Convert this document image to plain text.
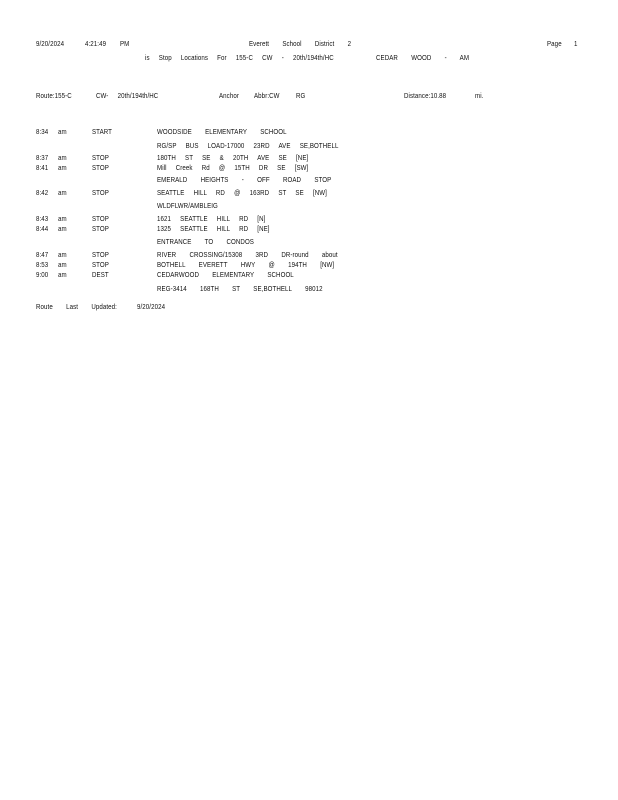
9/20/2024	4:21:49 PM	Everett School District 2	Page 1
is Stop Locations For 155-C CW - 20th/194th/HC	CEDAR WOOD - AM
Route:155-C	CW- 20th/194th/HC	Anchor Abbr:CW RG	Distance:10.88	mi.
8:34 am	START	WOODSIDE ELEMENTARY SCHOOL
RG/SP BUS LOAD-17000 23RD AVE SE,BOTHELL
8:37 am	STOP	180TH ST SE & 20TH AVE SE [NE]
8:41 am	STOP	Mill Creek Rd @ 15TH DR SE [SW]
EMERALD HEIGHTS - OFF ROAD STOP
8:42 am	STOP	SEATTLE HILL RD @ 163RD ST SE [NW]
WLDFLWR/AMBLEIG
8:43 am	STOP	1621 SEATTLE HILL RD [N]
8:44 am	STOP	1325 SEATTLE HILL RD [NE]
ENTRANCE TO CONDOS
8:47 am	STOP	RIVER CROSSING/15308 3RD DR-round about
8:53 am	STOP	BOTHELL EVERETT HWY @ 194TH [NW]
9:00 am	DEST	CEDARWOOD ELEMENTARY SCHOOL
REG-3414 168TH ST SE,BOTHELL 98012
Route Last Updated:	9/20/2024
